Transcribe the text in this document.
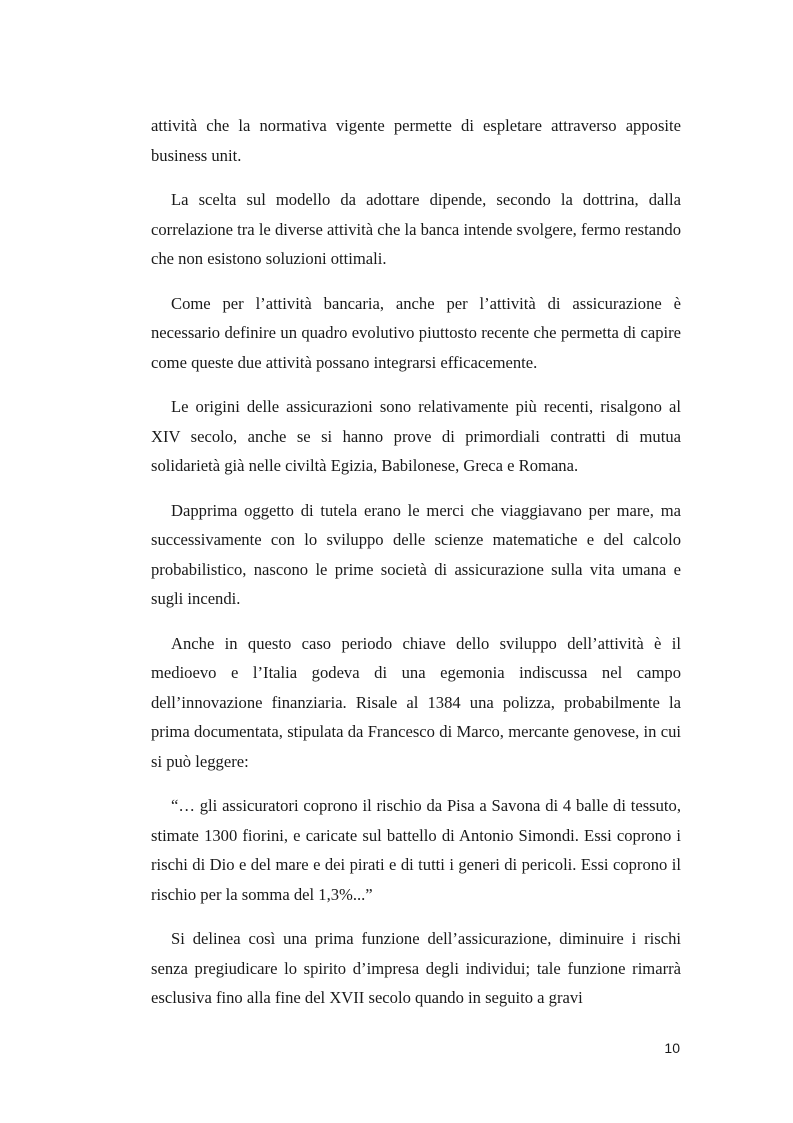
attività che la normativa vigente permette di espletare attraverso apposite business unit.

La scelta sul modello da adottare dipende, secondo la dottrina, dalla correlazione tra le diverse attività che la banca intende svolgere, fermo restando che non esistono soluzioni ottimali.

Come per l’attività bancaria, anche per l’attività di assicurazione è necessario definire un quadro evolutivo piuttosto recente che permetta di capire come queste due attività possano integrarsi efficacemente.

Le origini delle assicurazioni sono relativamente più recenti, risalgono al XIV secolo, anche se si hanno prove di primordiali contratti di mutua solidarietà già nelle civiltà Egizia, Babilonese, Greca e Romana.

Dapprima oggetto di tutela erano le merci che viaggiavano per mare, ma successivamente con lo sviluppo delle scienze matematiche e del calcolo probabilistico, nascono le prime società di assicurazione sulla vita umana e sugli incendi.

Anche in questo caso periodo chiave dello sviluppo dell’attività è il medioevo e l’Italia godeva di una egemonia indiscussa nel campo dell’innovazione finanziaria. Risale al 1384 una polizza, probabilmente la prima documentata, stipulata da Francesco di Marco, mercante genovese, in cui si può leggere:

“… gli assicuratori coprono il rischio da Pisa a Savona di 4 balle di tessuto, stimate 1300 fiorini, e caricate sul battello di Antonio Simondi. Essi coprono i rischi di Dio e del mare e dei pirati e di tutti i generi di pericoli. Essi coprono il rischio per la somma del 1,3%...”

Si delinea così una prima funzione dell’assicurazione, diminuire i rischi senza pregiudicare lo spirito d’impresa degli individui; tale funzione rimarrà esclusiva fino alla fine del XVII secolo quando in seguito a gravi

10
